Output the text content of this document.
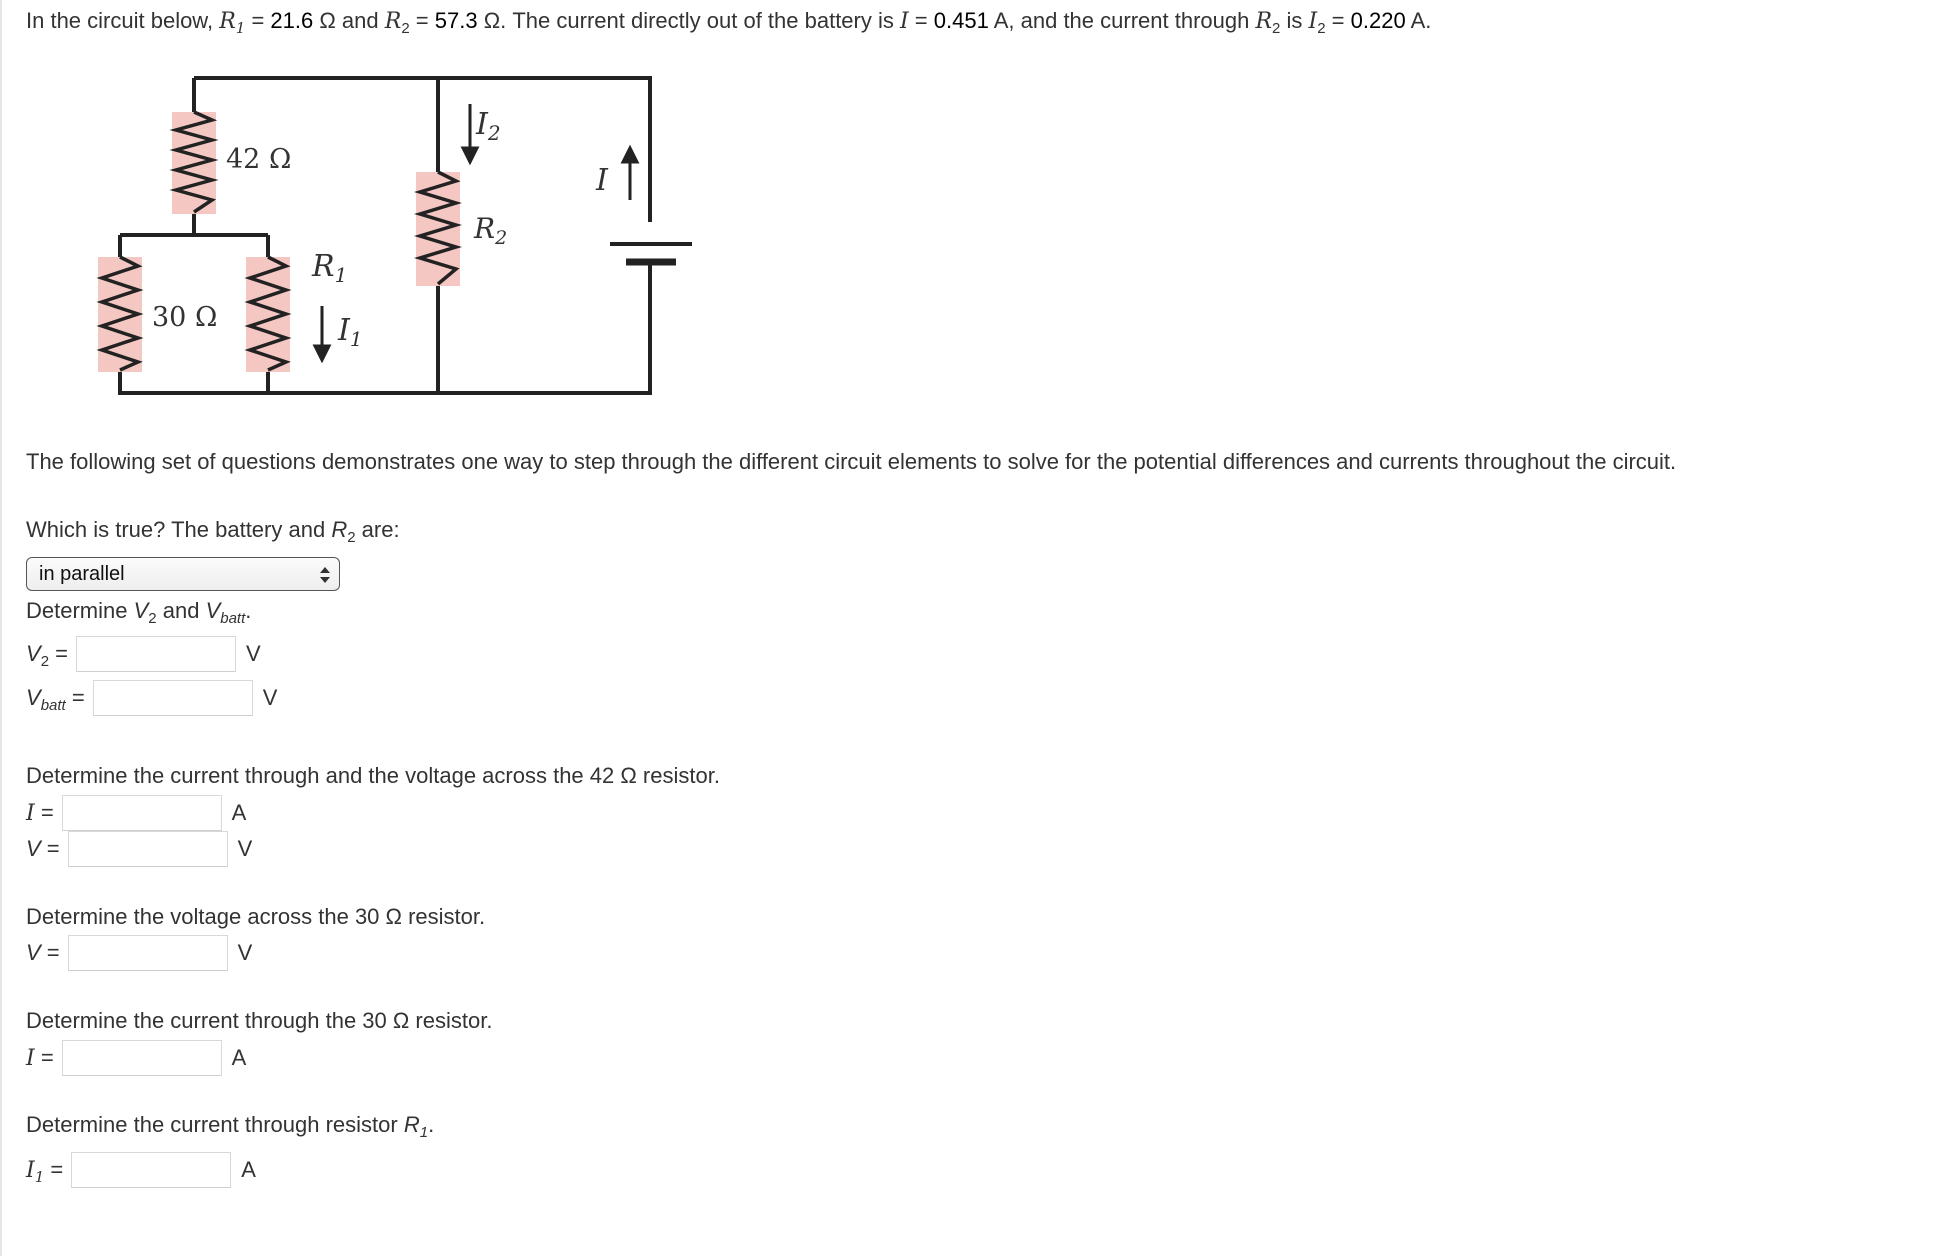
In the circuit below, $R_1 = 21.6$ Ω and $R_2 = 57.3$ Ω. The current directly out of the battery is I = 0.451 A, and the current through $R_2$ is $I_2 = 0.220$ A.
42 Ω
30 Ω
$R_1$
$I_1$
$I_2$
$R_2$
I
The following set of questions demonstrates one way to step through the different circuit elements to solve for the potential differences and currents throughout the circuit.
Which is true? The battery and $R_2$ are:
in parallel
Determine $V_2$ and $V_{batt}$.
$V_2$ =	V
$V_{batt}$ =	V
Determine the current through and the voltage across the 42 Ω resistor.
I =	A
V =	V
Determine the voltage across the 30 Ω resistor.
V =	V
Determine the current through the 30 Ω resistor.
I =	A
Determine the current through resistor $R_1$.
$I_1$ =	A
